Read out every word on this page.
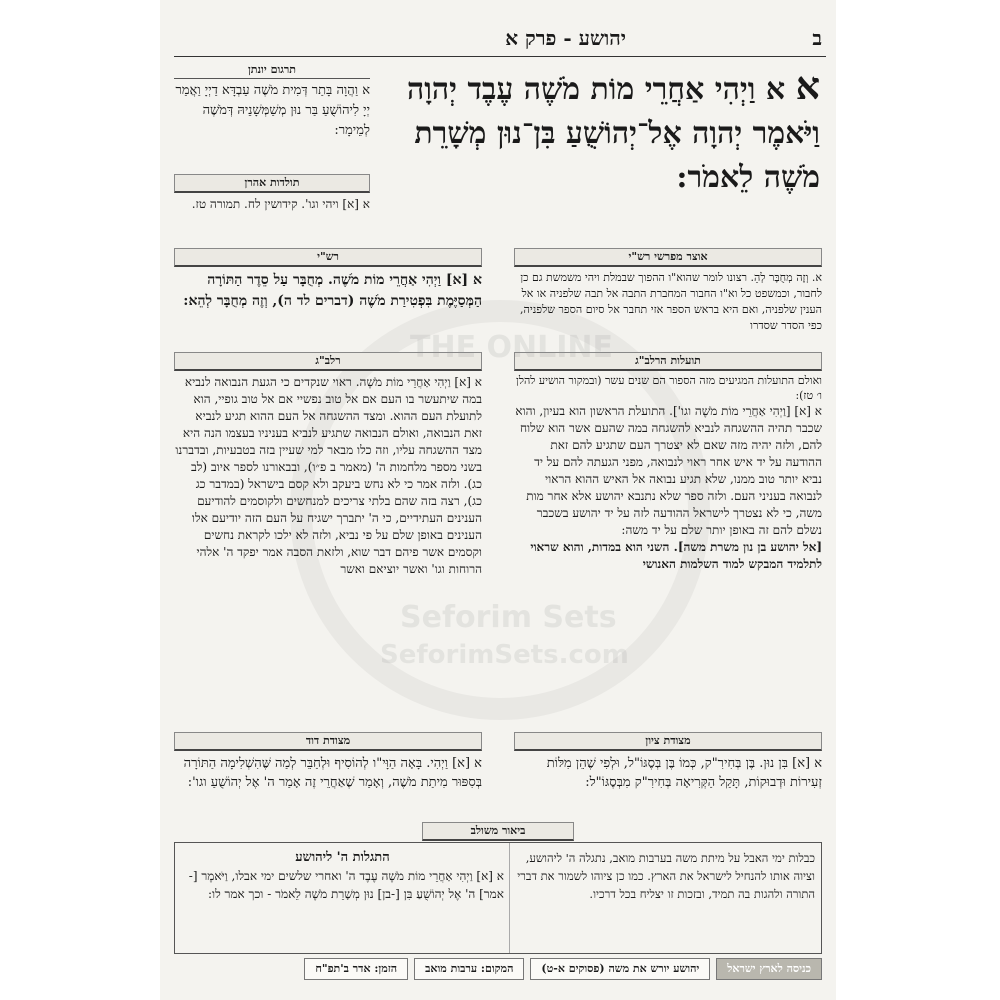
ב
יהושע - פרק א
א א וַיְהִי אַחֲרֵי מוֹת מֹשֶׁה עֶבֶד יְהוָה וַיֹּאמֶר יְהוָה אֶל־יְהוֹשֻׁעַ בִּן־נוּן מְשָׁרֵת מֹשֶׁה לֵאמֹר:
תרגום יונתן
א וַהֲוָה בָּתַר דְּמִית מֹשֶׁה עַבְדָּא דַיְיָ וַאֲמַר יְיָ לִיהוֹשֻׁעַ בַּר נוּן מְשַׁמְּשָׁנֵיהּ דְּמֹשֶׁה לְמֵימָר:
תולדות אהרן
א [א] ויהי וגו'. קידושין לח. תמורה טז.
אוצר מפרשי רש"י
א. וְזֶה מְחֻבָּר לְהֵ. רצונו לומר שהוא"ו ההפוך שבמלת ויהי משמשת גם כן לחבור, וכמשפט כל וא"ו החבור המחברת התבה אל תבה שלפניה או אל הענין שלפניה, ואם היא בראש הספר אזי תחבר אל סיום הספר שלפניה, כפי הסדר שסדרו
רש"י
א [א] וַיְהִי אַחֲרֵי מוֹת מֹשֶׁה. מְחֻבָּר עַל סֵדֶר הַתּוֹרָה הַמְּסַיֶּמֶת בִּפְטִירַת מֹשֶׁה (דברים לד ה), וְזֶה מְחֻבָּר לְהֵא:
תועלות הרלב"ג
ואולם התועלות המגיעים מזה הספור הם שנים עשר (ובמקור הושיע להלן ו׳ טז):
א [א] [וַיְהִי אַחֲרֵי מוֹת מֹשֶׁה וגו']. התועלת הראשון הוא בעיון, והוא שכבר תהיה ההשגחה לנביא להשגחה במה שהעם אשר הוא שלוח להם, ולזה יהיה מזה שאם לא יצטרך העם שתגיע להם זאת ההודעה על יד איש אחר ראוי לנבואה, מפני הגעתה להם על יד נביא יותר טוב ממנו, שלא תגיע נבואה אל האיש ההוא הראוי לנבואה בעניני העם. ולזה ספר שלא נתנבא יהושע אלא אחר מות משה, כי לא נצטרך לישראל ההודעה לזה על יד יהושע בשכבר נשלם להם זה באופן יותר שלם על יד משה:
[אל יהושע בן נון משרת משה]. השני הוא במדות, והוא שראוי לתלמיד המבקש למוד השלמות האנושי
רלב"ג
א [א] וַיְהִי אַחֲרֵי מוֹת מֹשֶׁה. ראוי שנקדים כי הגעת הנבואה לנביא במה שיתעשר בו העם אם אל טוב נפשיי אם אל טוב גופיי, הוא לתועלת העם ההוא. ומצד ההשגחה אל העם ההוא תגיע לנביא זאת הנבואה, ואולם הנבואה שתגיע לנביא בעניניו בעצמו הנה היא מצד ההשגחה עליו, וזה כלו מבאר למי שעיין בזה בטבעיות, ובדברנו בשני מספר מלחמות ה' (מאמר ב פ״ו), ובבאורנו לספר איוב (לב כג). ולזה אמר כי לא נחש ביעקב ולא קסם בישראל (במדבר כג כג), רצה בזה שהם בלתי צריכים למנחשים ולקוסמים להודיעם הענינים העתידיים, כי ה' יתברך ישגיח על העם הזה יודיעם אלו הענינים באופן שלם על פי נביא, ולזה לא ילכו לקראת נחשים וקסמים אשר פיהם דבר שוא, ולזאת הסבה אמר יפקד ה' אלהי הרוחות וגו' ואשר יוציאם ואשר
מצודת ציון
א [א] בִּן נוּן. בֶּן בְּחִירִ"ק, כְּמוֹ בֶּן בְּסֶגּוֹ"ל, וּלְפִי שֶׁהֵן מִלּוֹת זְעִירוֹת וּדְבוּקוֹת, תָּקַל הַקְּרִיאָה בְּחִירִ"ק מִבְּסֶגּוֹ"ל:
מצודת דוד
א [א] וַיְהִי. בָּאָה הַוָּי"ו לְהוֹסִיף וּלְחַבֵּר לְמַה שֶּׁהִשְׁלִימָה הַתּוֹרָה בְּסִפּוּר מִיתַת מֹשֶׁה, וְאָמַר שֶׁאַחֲרֵי זֶה אָמַר ה' אֶל יְהוֹשֻׁעַ וגו':
ביאור משולב
כבלות ימי האבל על מיתת משה בערבות מואב, נתגלה ה' ליהושע, וציוה אותו להנחיל לישראל את הארץ. כמו כן ציוהו לשמור את דברי התורה ולהגות בה תמיד, ובזכות זו יצליח בכל דרכיו.
התגלות ה' ליהושע
א [א] וַיְהִי אַחֲרֵי מוֹת מֹשֶׁה עֶבֶד ה' ואחרי שלשים ימי אבלו, וַיֹּאמֶר [-אמר] ה' אֶל יְהוֹשֻׁעַ בִּן [-בן] נוּן מְשָׁרֵת מֹשֶׁה לֵאמֹר - וכך אמר לו:
כניסה לארץ ישראל
יהושע יורש את משה (פסוקים א-ט)
המקום: ערבות מואב
הזמן: אדר ב'תפ"ח
THE ONLINE
Seforim Sets
SeforimSets.com
